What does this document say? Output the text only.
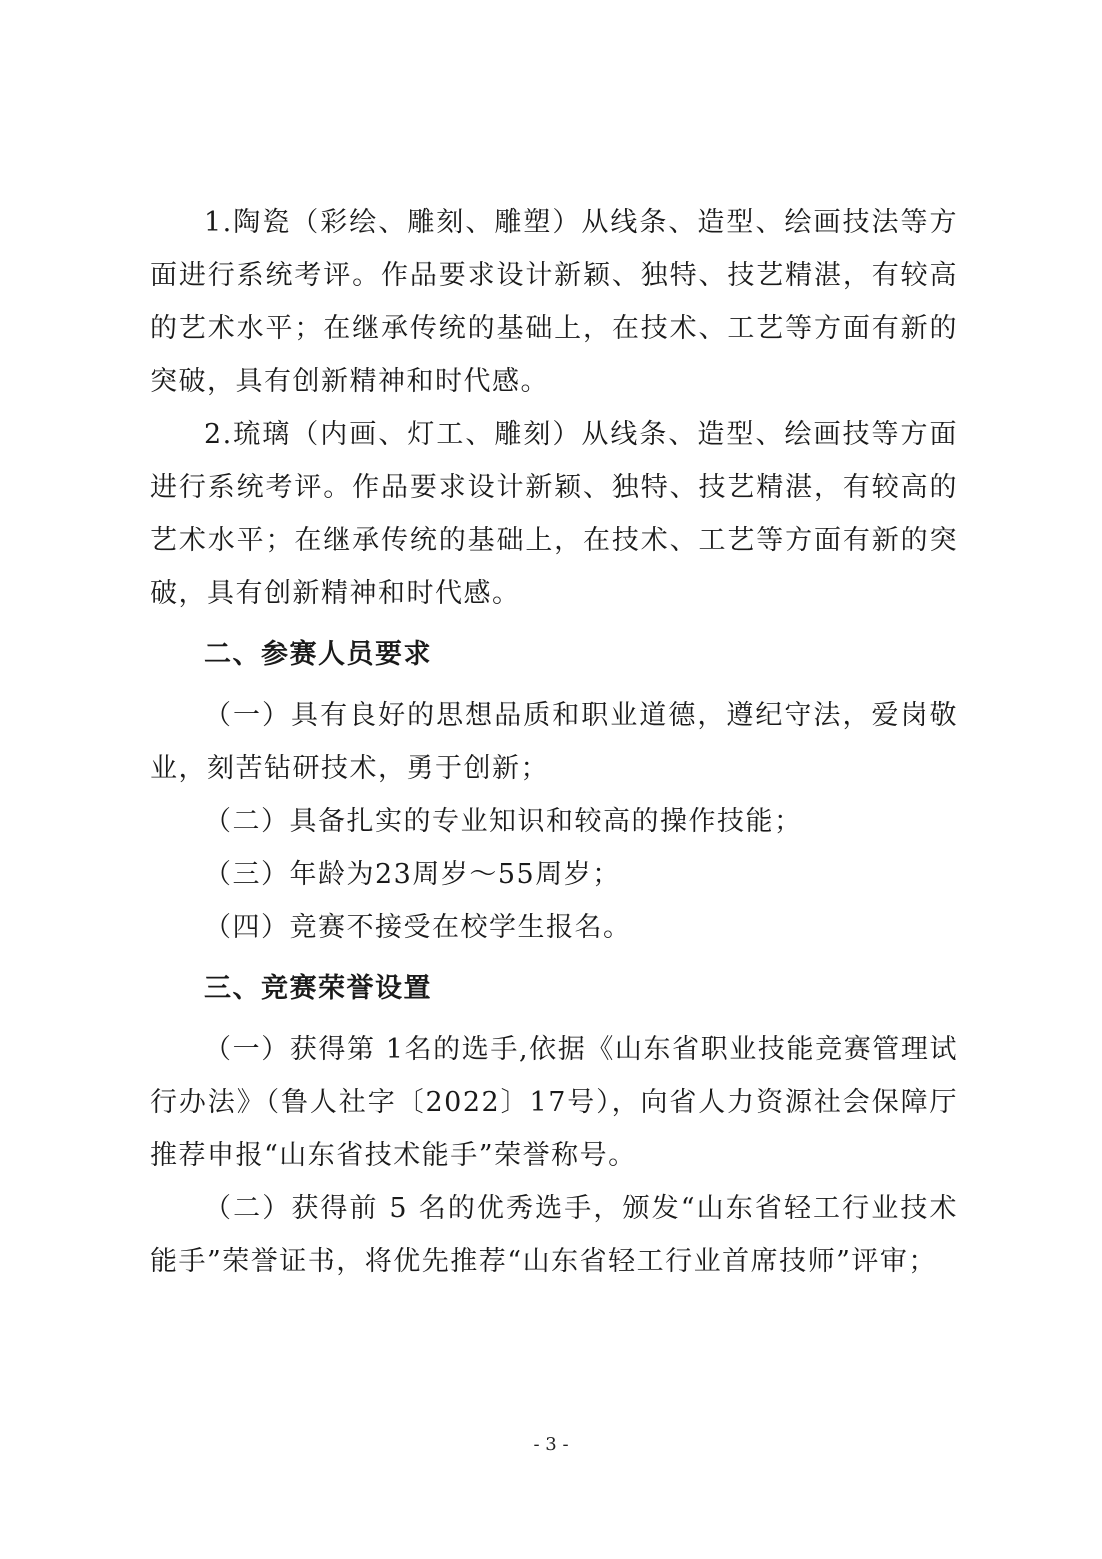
1.陶瓷（彩绘、雕刻、雕塑）从线条、造型、绘画技法等方面进行系统考评。作品要求设计新颖、独特、技艺精湛，有较高的艺术水平；在继承传统的基础上，在技术、工艺等方面有新的突破，具有创新精神和时代感。

2.琉璃（内画、灯工、雕刻）从线条、造型、绘画技等方面进行系统考评。作品要求设计新颖、独特、技艺精湛，有较高的艺术水平；在继承传统的基础上，在技术、工艺等方面有新的突破，具有创新精神和时代感。

二、参赛人员要求

（一）具有良好的思想品质和职业道德，遵纪守法，爱岗敬业，刻苦钻研技术，勇于创新；

（二）具备扎实的专业知识和较高的操作技能；

（三）年龄为23周岁～55周岁；

（四）竞赛不接受在校学生报名。

三、竞赛荣誉设置

（一）获得第 1名的选手,依据《山东省职业技能竞赛管理试行办法》（鲁人社字〔2022〕17号），向省人力资源社会保障厅推荐申报“山东省技术能手”荣誉称号。

（二）获得前 5 名的优秀选手，颁发“山东省轻工行业技术能手”荣誉证书，将优先推荐“山东省轻工行业首席技师”评审；

- 3 -
